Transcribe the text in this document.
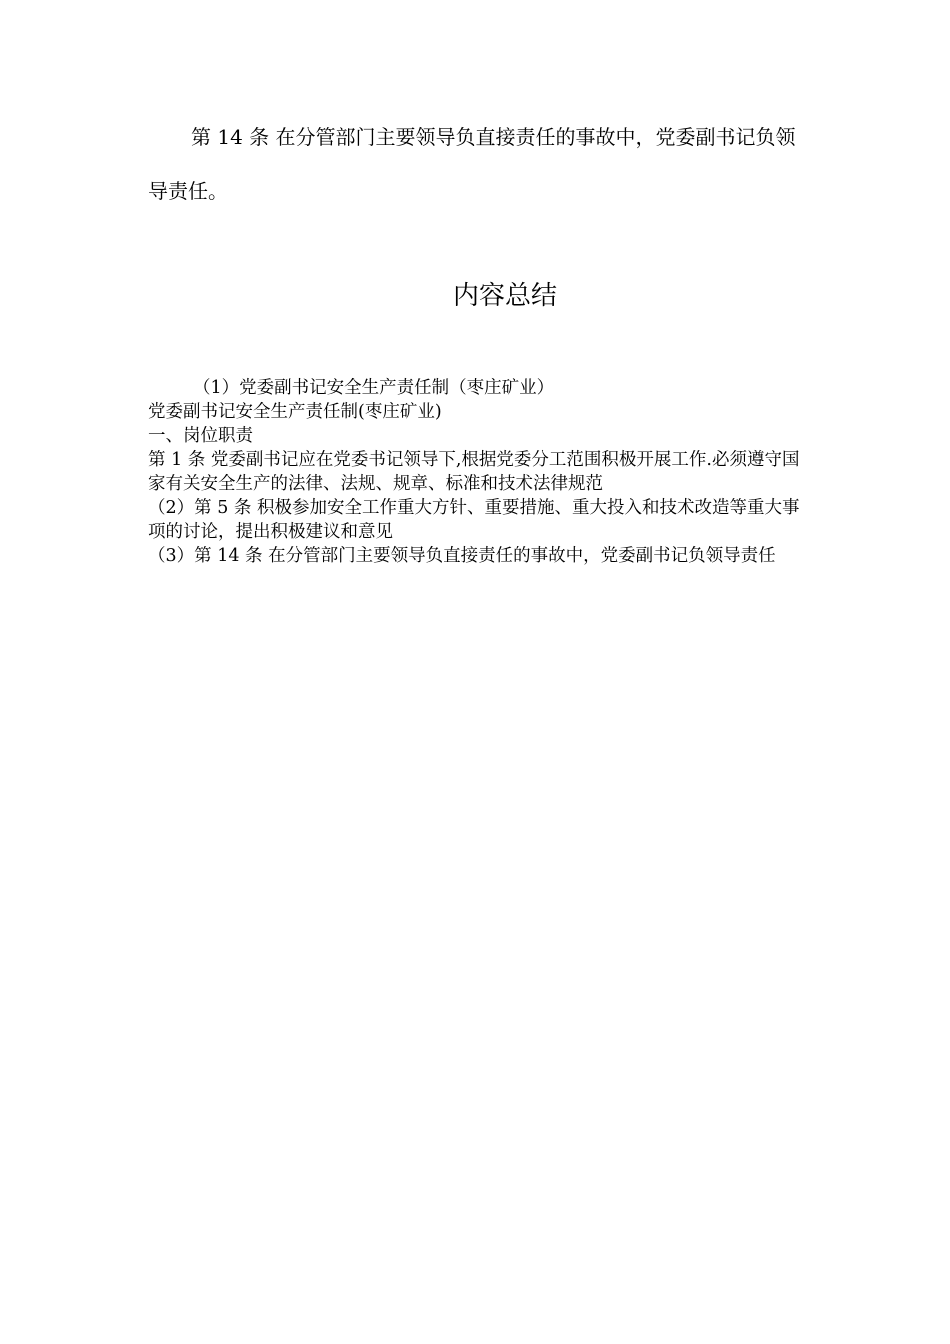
第 14 条 在分管部门主要领导负直接责任的事故中，党委副书记负领导责任。

内容总结

（1）党委副书记安全生产责任制（枣庄矿业）

党委副书记安全生产责任制(枣庄矿业)

一、岗位职责

第 1 条 党委副书记应在党委书记领导下,根据党委分工范围积极开展工作.必须遵守国家有关安全生产的法律、法规、规章、标准和技术法律规范

（2）第 5 条 积极参加安全工作重大方针、重要措施、重大投入和技术改造等重大事项的讨论，提出积极建议和意见

（3）第 14 条 在分管部门主要领导负直接责任的事故中，党委副书记负领导责任
